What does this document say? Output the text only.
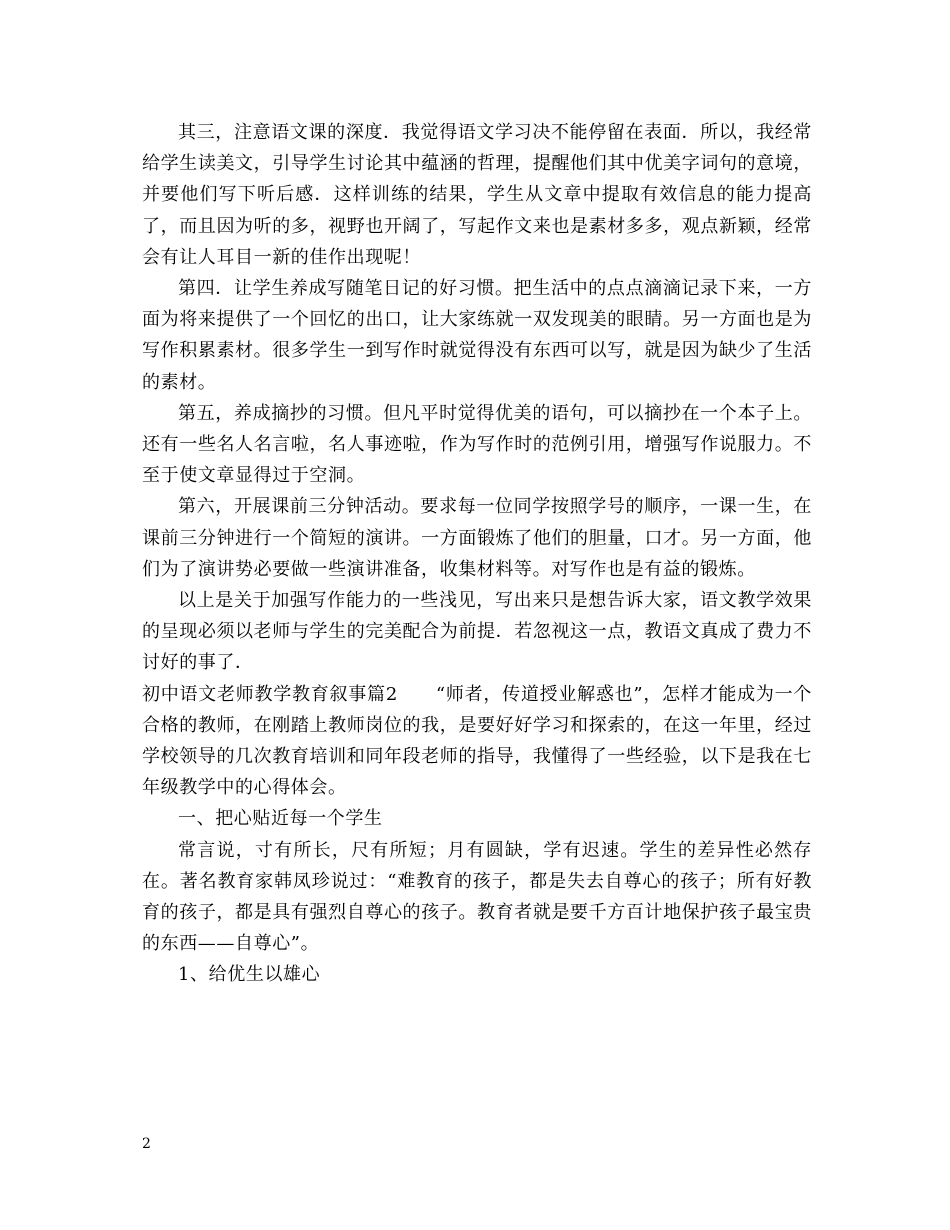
其三，注意语文课的深度．我觉得语文学习决不能停留在表面．所以，我经常给学生读美文，引导学生讨论其中蕴涵的哲理，提醒他们其中优美字词句的意境，并要他们写下听后感．这样训练的结果，学生从文章中提取有效信息的能力提高了，而且因为听的多，视野也开阔了，写起作文来也是素材多多，观点新颖，经常会有让人耳目一新的佳作出现呢！

第四．让学生养成写随笔日记的好习惯。把生活中的点点滴滴记录下来，一方面为将来提供了一个回忆的出口，让大家练就一双发现美的眼睛。另一方面也是为写作积累素材。很多学生一到写作时就觉得没有东西可以写，就是因为缺少了生活的素材。

第五，养成摘抄的习惯。但凡平时觉得优美的语句，可以摘抄在一个本子上。还有一些名人名言啦，名人事迹啦，作为写作时的范例引用，增强写作说服力。不至于使文章显得过于空洞。

第六，开展课前三分钟活动。要求每一位同学按照学号的顺序，一课一生，在课前三分钟进行一个简短的演讲。一方面锻炼了他们的胆量，口才。另一方面，他们为了演讲势必要做一些演讲准备，收集材料等。对写作也是有益的锻炼。

以上是关于加强写作能力的一些浅见，写出来只是想告诉大家，语文教学效果的呈现必须以老师与学生的完美配合为前提．若忽视这一点，教语文真成了费力不讨好的事了．

初中语文老师教学教育叙事篇2 “师者，传道授业解惑也”，怎样才能成为一个合格的教师，在刚踏上教师岗位的我，是要好好学习和探索的，在这一年里，经过学校领导的几次教育培训和同年段老师的指导，我懂得了一些经验，以下是我在七年级教学中的心得体会。

一、把心贴近每一个学生

常言说，寸有所长，尺有所短；月有圆缺，学有迟速。学生的差异性必然存在。著名教育家韩凤珍说过：“难教育的孩子，都是失去自尊心的孩子；所有好教育的孩子，都是具有强烈自尊心的孩子。教育者就是要千方百计地保护孩子最宝贵的东西——自尊心”。

1、给优生以雄心

2
